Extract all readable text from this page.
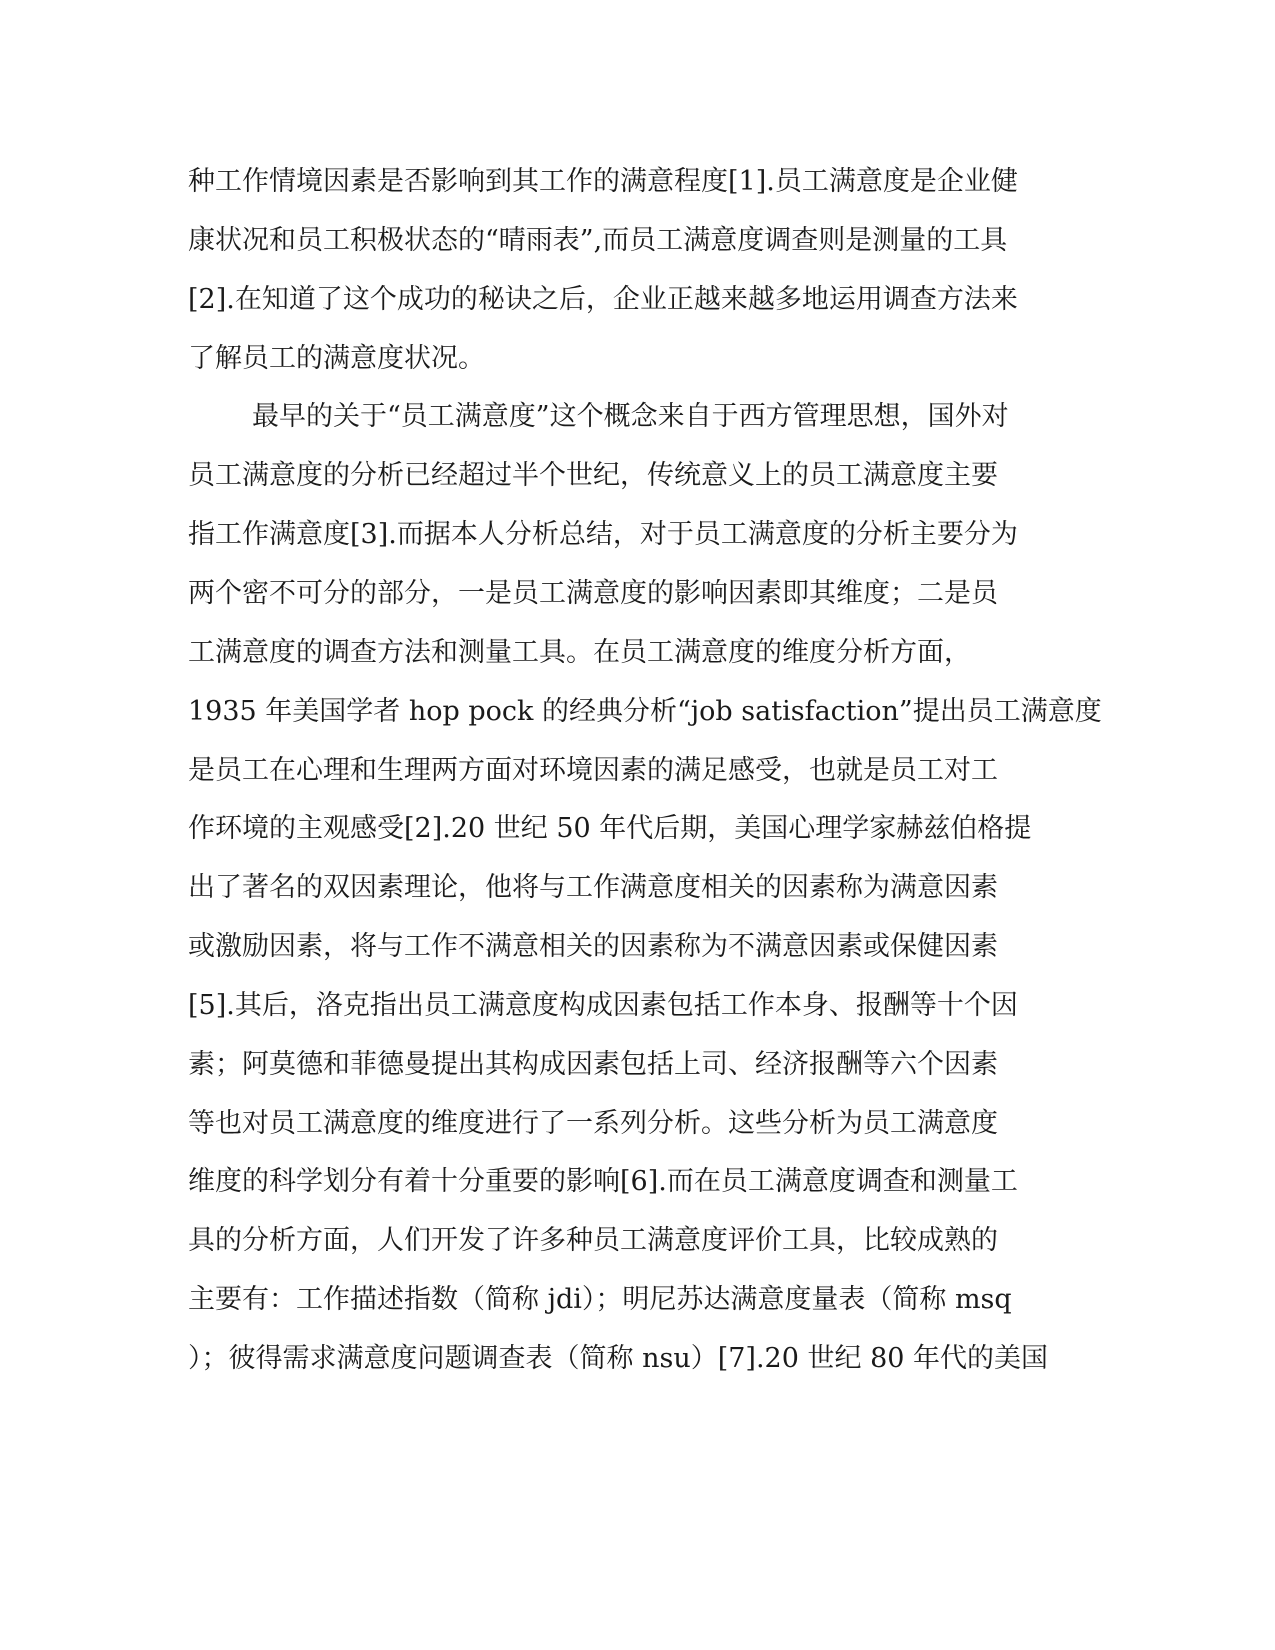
种工作情境因素是否影响到其工作的满意程度[1].员工满意度是企业健
康状况和员工积极状态的“晴雨表”,而员工满意度调查则是测量的工具
[2].在知道了这个成功的秘诀之后，企业正越来越多地运用调查方法来
了解员工的满意度状况。
最早的关于“员工满意度”这个概念来自于西方管理思想，国外对
员工满意度的分析已经超过半个世纪，传统意义上的员工满意度主要
指工作满意度[3].而据本人分析总结，对于员工满意度的分析主要分为
两个密不可分的部分，一是员工满意度的影响因素即其维度；二是员
工满意度的调查方法和测量工具。在员工满意度的维度分析方面，
1935 年美国学者 hop pock 的经典分析“job satisfaction”提出员工满意度
是员工在心理和生理两方面对环境因素的满足感受，也就是员工对工
作环境的主观感受[2].20 世纪 50 年代后期，美国心理学家赫兹伯格提
出了著名的双因素理论，他将与工作满意度相关的因素称为满意因素
或激励因素，将与工作不满意相关的因素称为不满意因素或保健因素
[5].其后，洛克指出员工满意度构成因素包括工作本身、报酬等十个因
素；阿莫德和菲德曼提出其构成因素包括上司、经济报酬等六个因素
等也对员工满意度的维度进行了一系列分析。这些分析为员工满意度
维度的科学划分有着十分重要的影响[6].而在员工满意度调查和测量工
具的分析方面，人们开发了许多种员工满意度评价工具，比较成熟的
主要有：工作描述指数（简称 jdi）；明尼苏达满意度量表（简称 msq
）；彼得需求满意度问题调查表（简称 nsu）[7].20 世纪 80 年代的美国
